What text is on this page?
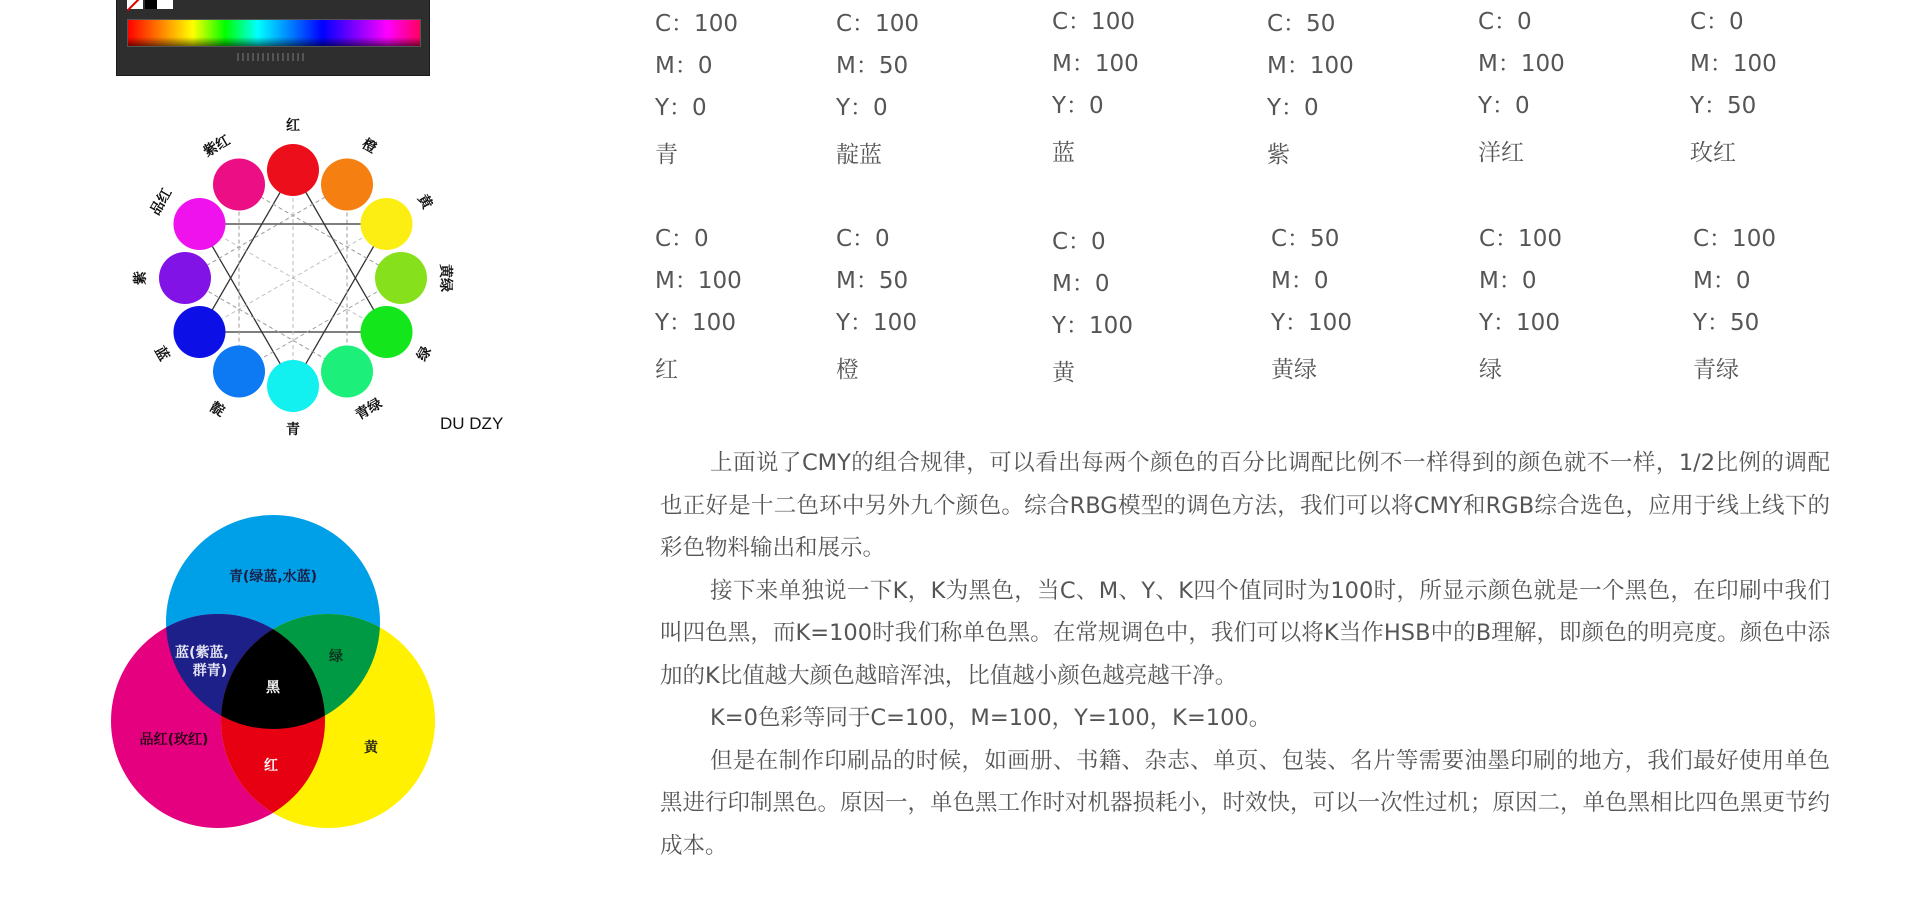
红
橙
黄
黄绿
绿
青绿
青
靛
蓝
紫
品红
紫红
DU DZY
青(绿蓝,水蓝)
蓝(紫蓝,
群青)
绿
黑
品红(玫红)
红
黄
C：100
M：0
Y：0
青
C：100
M：50
Y：0
靛蓝
C：100
M：100
Y：0
蓝
C：50
M：100
Y：0
紫
C：0
M：100
Y：0
洋红
C：0
M：100
Y：50
玫红
C：0
M：100
Y：100
红
C：0
M：50
Y：100
橙
C：0
M：0
Y：100
黄
C：50
M：0
Y：100
黄绿
C：100
M：0
Y：100
绿
C：100
M：0
Y：50
青绿

上面说了CMY的组合规律，可以看出每两个颜色的百分比调配比例不一样得到的颜色就不一样，1/2比例的调配也正好是十二色环中另外九个颜色。综合RBG模型的调色方法，我们可以将CMY和RGB综合选色，应用于线上线下的彩色物料输出和展示。

接下来单独说一下K，K为黑色，当C、M、Y、K四个值同时为100时，所显示颜色就是一个黑色，在印刷中我们叫四色黑，而K=100时我们称单色黑。在常规调色中，我们可以将K当作HSB中的B理解，即颜色的明亮度。颜色中添加的K比值越大颜色越暗浑浊，比值越小颜色越亮越干净。

K=0色彩等同于C=100，M=100，Y=100，K=100。

但是在制作印刷品的时候，如画册、书籍、杂志、单页、包装、名片等需要油墨印刷的地方，我们最好使用单色黑进行印制黑色。原因一，单色黑工作时对机器损耗小，时效快，可以一次性过机；原因二，单色黑相比四色黑更节约成本。
